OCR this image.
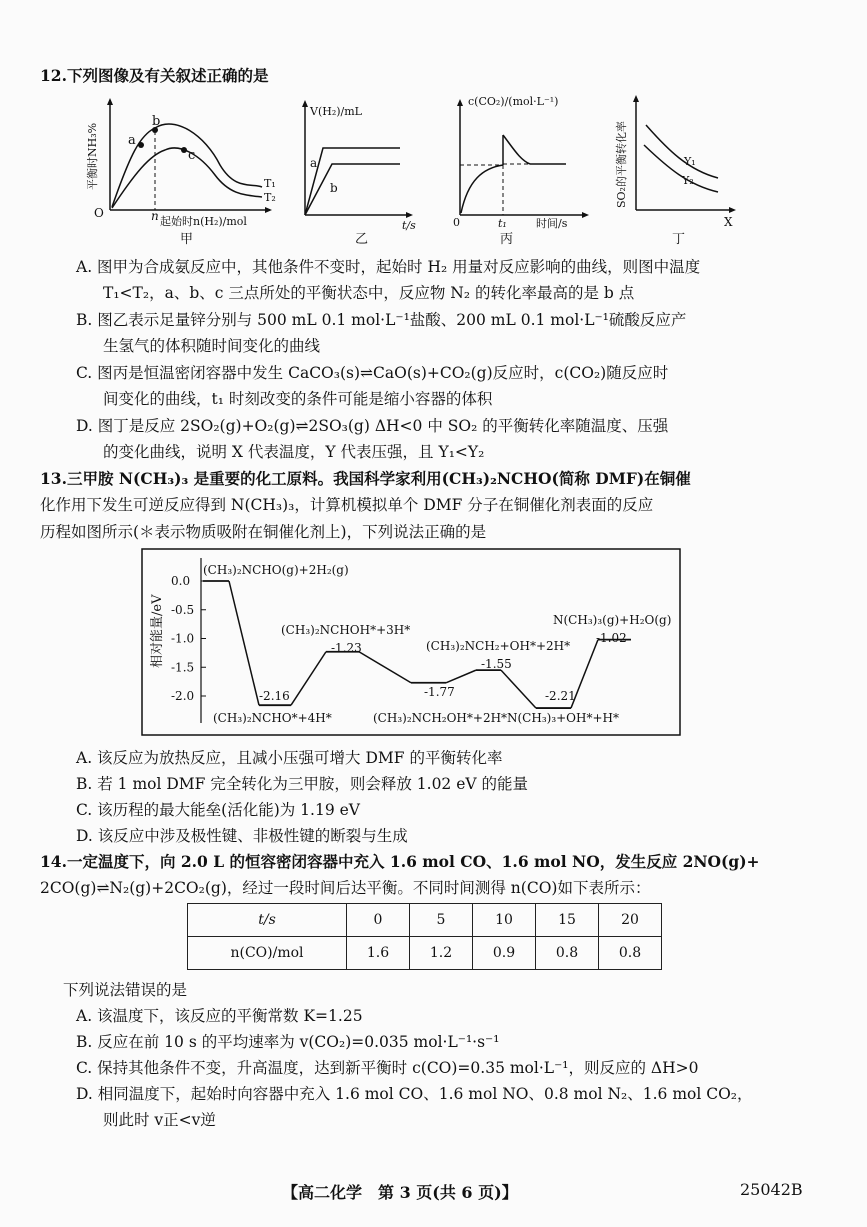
12.下列图像及有关叙述正确的是
a
b
c
T₁
T₂
O	n 起始时n(H₂)/mol
平衡时NH₃%
甲
a
b
V(H₂)/mL
t/s
乙
c(CO₂)/(mol·L⁻¹)
0	t₁	时间/s
丙
Y₁
Y₂
SO₂的平衡转化率
X
丁
A. 图甲为合成氨反应中，其他条件不变时，起始时 H₂ 用量对反应影响的曲线，则图中温度
T₁<T₂，a、b、c 三点所处的平衡状态中，反应物 N₂ 的转化率最高的是 b 点
B. 图乙表示足量锌分别与 500 mL 0.1 mol·L⁻¹盐酸、200 mL 0.1 mol·L⁻¹硫酸反应产
生氢气的体积随时间变化的曲线
C. 图丙是恒温密闭容器中发生 CaCO₃(s)⇌CaO(s)+CO₂(g)反应时，c(CO₂)随反应时
间变化的曲线，t₁ 时刻改变的条件可能是缩小容器的体积
D. 图丁是反应 2SO₂(g)+O₂(g)⇌2SO₃(g) ΔH<0 中 SO₂ 的平衡转化率随温度、压强
的变化曲线，说明 X 代表温度，Y 代表压强，且 Y₁<Y₂
13.三甲胺 N(CH₃)₃ 是重要的化工原料。我国科学家利用(CH₃)₂NCHO(简称 DMF)在铜催
化作用下发生可逆反应得到 N(CH₃)₃，计算机模拟单个 DMF 分子在铜催化剂表面的反应
历程如图所示(＊表示物质吸附在铜催化剂上)，下列说法正确的是
相对能量/eV
0.0
-0.5
-1.0
-1.5
-2.0
(CH₃)₂NCHO(g)+2H₂(g)
(CH₃)₂NCHO*+4H*
-2.16
(CH₃)₂NCHOH*+3H*
-1.23
(CH₃)₂NCH₂OH*+2H*
-1.77
(CH₃)₂NCH₂+OH*+2H*
-1.55
N(CH₃)₃+OH*+H*
-2.21
N(CH₃)₃(g)+H₂O(g)
-1.02
A. 该反应为放热反应，且减小压强可增大 DMF 的平衡转化率
B. 若 1 mol DMF 完全转化为三甲胺，则会释放 1.02 eV 的能量
C. 该历程的最大能垒(活化能)为 1.19 eV
D. 该反应中涉及极性键、非极性键的断裂与生成
14.一定温度下，向 2.0 L 的恒容密闭容器中充入 1.6 mol CO、1.6 mol NO，发生反应 2NO(g)+
2CO(g)⇌N₂(g)+2CO₂(g)，经过一段时间后达平衡。不同时间测得 n(CO)如下表所示：
t/s	0	5	10	15	20
n(CO)/mol	1.6	1.2	0.9	0.8	0.8
下列说法错误的是
A. 该温度下，该反应的平衡常数 K=1.25
B. 反应在前 10 s 的平均速率为 v(CO₂)=0.035 mol·L⁻¹·s⁻¹
C. 保持其他条件不变，升高温度，达到新平衡时 c(CO)=0.35 mol·L⁻¹，则反应的 ΔH>0
D. 相同温度下，起始时向容器中充入 1.6 mol CO、1.6 mol NO、0.8 mol N₂、1.6 mol CO₂，
则此时 v正<v逆
【高二化学　第 3 页(共 6 页)】	25042B
